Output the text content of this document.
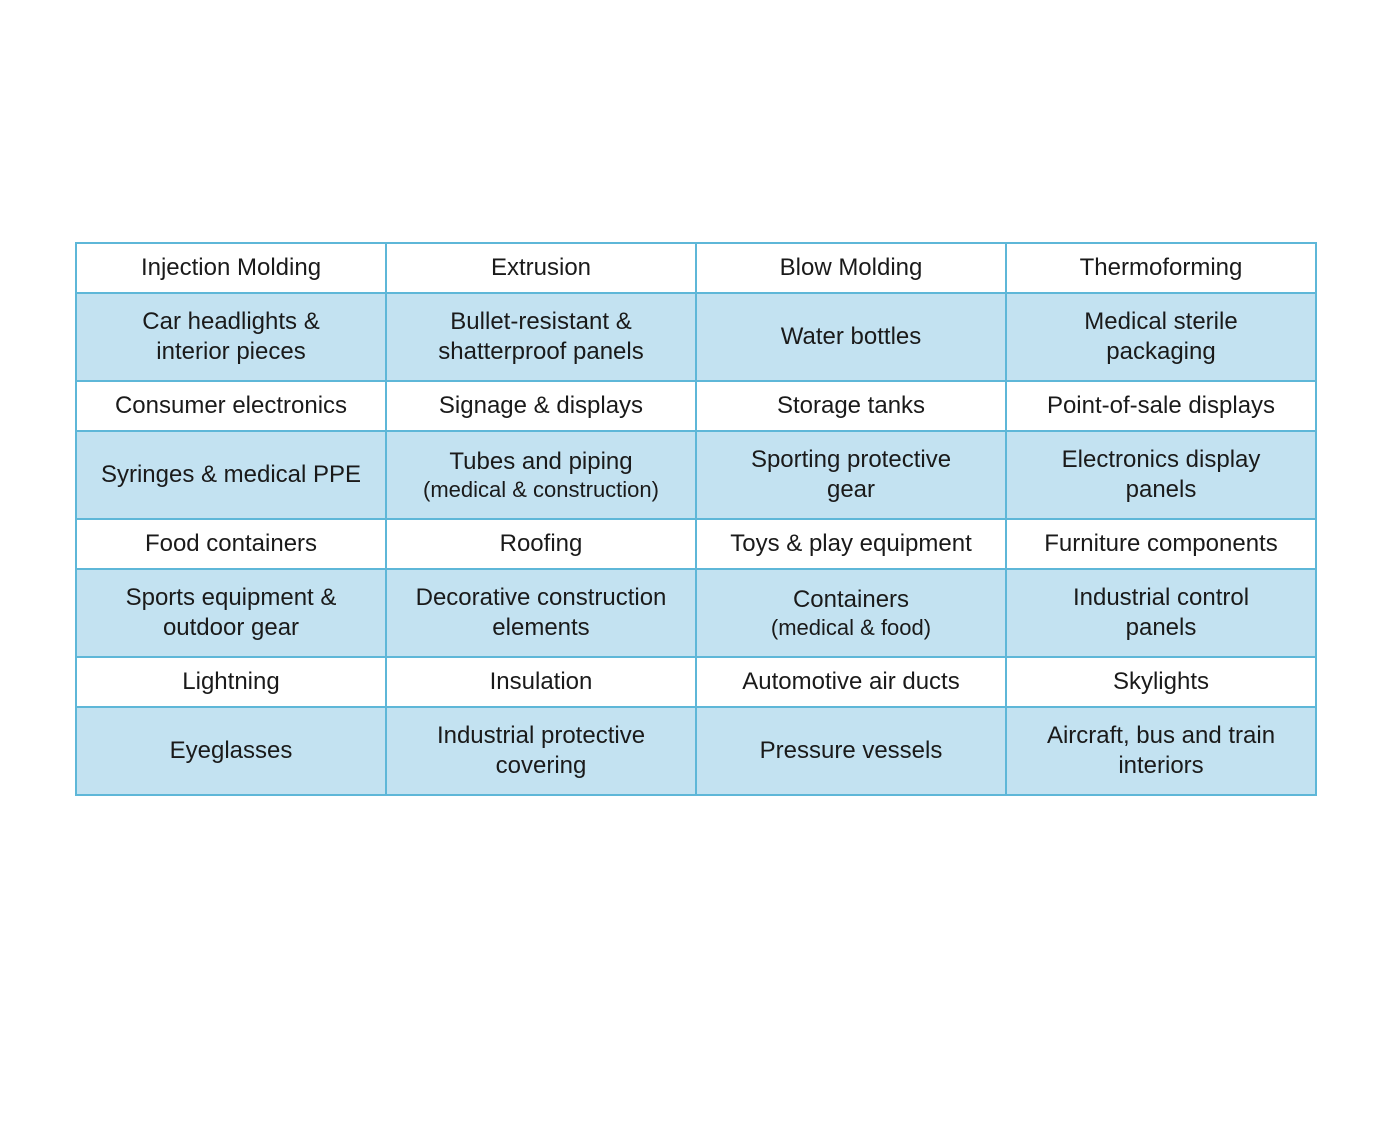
Injection Molding	Extrusion	Blow Molding	Thermoforming

Car headlights &
interior pieces	Bullet-resistant &
shatterproof panels	Water bottles	Medical sterile
packaging

Consumer electronics	Signage & displays	Storage tanks	Point-of-sale displays

Syringes & medical PPE	Tubes and piping
(medical & construction)	Sporting protective
gear	Electronics display
panels

Food containers	Roofing	Toys & play equipment	Furniture components

Sports equipment &
outdoor gear	Decorative construction
elements	Containers
(medical & food)	Industrial control
panels

Lightning	Insulation	Automotive air ducts	Skylights

Eyeglasses	Industrial protective
covering	Pressure vessels	Aircraft, bus and train
interiors
